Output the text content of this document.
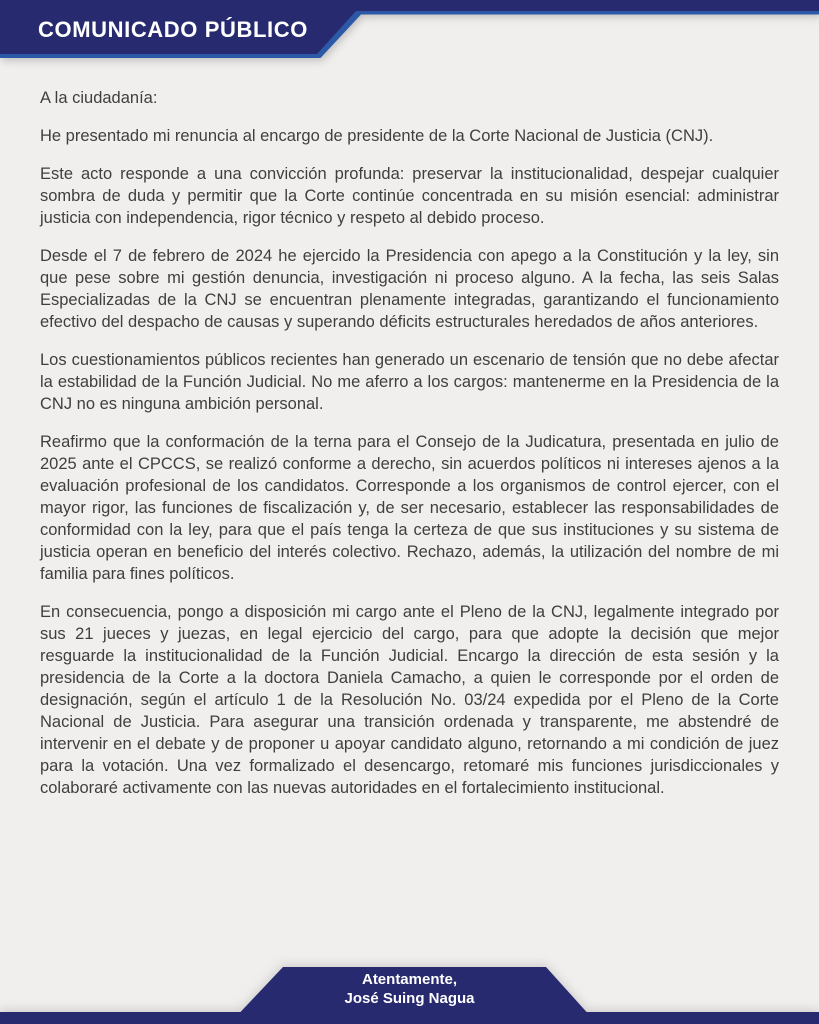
COMUNICADO PÚBLICO

A la ciudadanía:

He presentado mi renuncia al encargo de presidente de la Corte Nacional de Justicia (CNJ).

Este acto responde a una convicción profunda: preservar la institucionalidad, despejar cualquier sombra de duda y permitir que la Corte continúe concentrada en su misión esencial: administrar justicia con independencia, rigor técnico y respeto al debido proceso.

Desde el 7 de febrero de 2024 he ejercido la Presidencia con apego a la Constitución y la ley, sin que pese sobre mi gestión denuncia, investigación ni proceso alguno. A la fecha, las seis Salas Especializadas de la CNJ se encuentran plenamente integradas, garantizando el funcionamiento efectivo del despacho de causas y superando déficits estructurales heredados de años anteriores.

Los cuestionamientos públicos recientes han generado un escenario de tensión que no debe afectar la estabilidad de la Función Judicial. No me aferro a los cargos: mantenerme en la Presidencia de la CNJ no es ninguna ambición personal.

Reafirmo que la conformación de la terna para el Consejo de la Judicatura, presentada en julio de 2025 ante el CPCCS, se realizó conforme a derecho, sin acuerdos políticos ni intereses ajenos a la evaluación profesional de los candidatos. Corresponde a los organismos de control ejercer, con el mayor rigor, las funciones de fiscalización y, de ser necesario, establecer las responsabilidades de conformidad con la ley, para que el país tenga la certeza de que sus instituciones y su sistema de justicia operan en beneficio del interés colectivo. Rechazo, además, la utilización del nombre de mi familia para fines políticos.

En consecuencia, pongo a disposición mi cargo ante el Pleno de la CNJ, legalmente integrado por sus 21 jueces y juezas, en legal ejercicio del cargo, para que adopte la decisión que mejor resguarde la institucionalidad de la Función Judicial. Encargo la dirección de esta sesión y la presidencia de la Corte a la doctora Daniela Camacho, a quien le corresponde por el orden de designación, según el artículo 1 de la Resolución No. 03/24 expedida por el Pleno de la Corte Nacional de Justicia. Para asegurar una transición ordenada y transparente, me abstendré de intervenir en el debate y de proponer u apoyar candidato alguno, retornando a mi condición de juez para la votación. Una vez formalizado el desencargo, retomaré mis funciones jurisdiccionales y colaboraré activamente con las nuevas autoridades en el fortalecimiento institucional.

Atentamente,
José Suing Nagua
